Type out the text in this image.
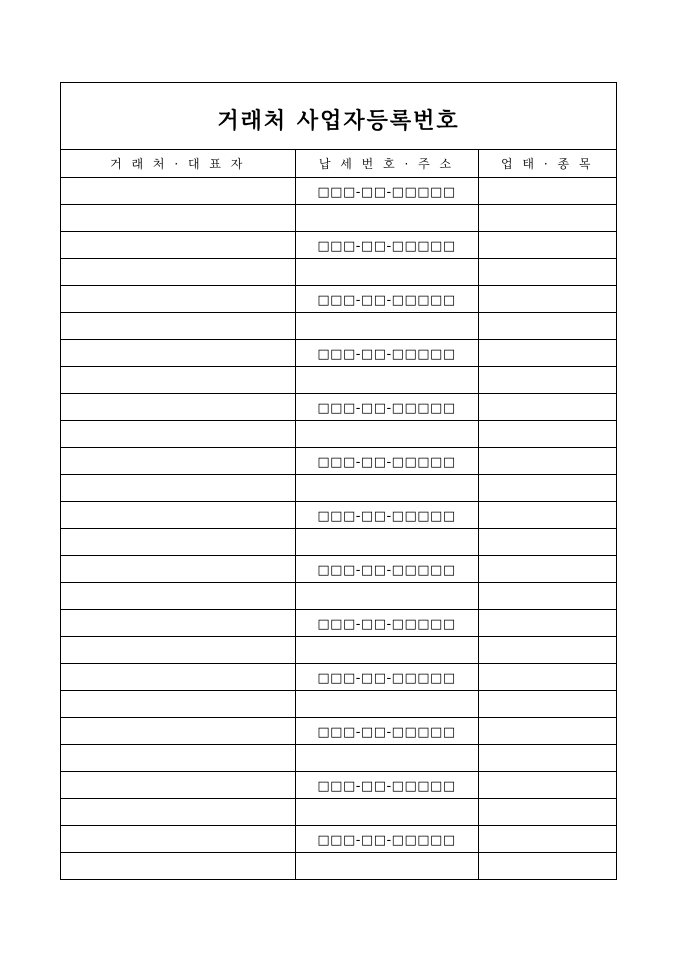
거래처 사업자등록번호
거 래 처 · 대 표 자	납 세 번 호 · 주 소	업 태 · 종 목
	□□□-□□-□□□□□	

	□□□-□□-□□□□□	

	□□□-□□-□□□□□	

	□□□-□□-□□□□□	

	□□□-□□-□□□□□	

	□□□-□□-□□□□□	

	□□□-□□-□□□□□	

	□□□-□□-□□□□□	

	□□□-□□-□□□□□	

	□□□-□□-□□□□□	

	□□□-□□-□□□□□	

	□□□-□□-□□□□□	

	□□□-□□-□□□□□	
